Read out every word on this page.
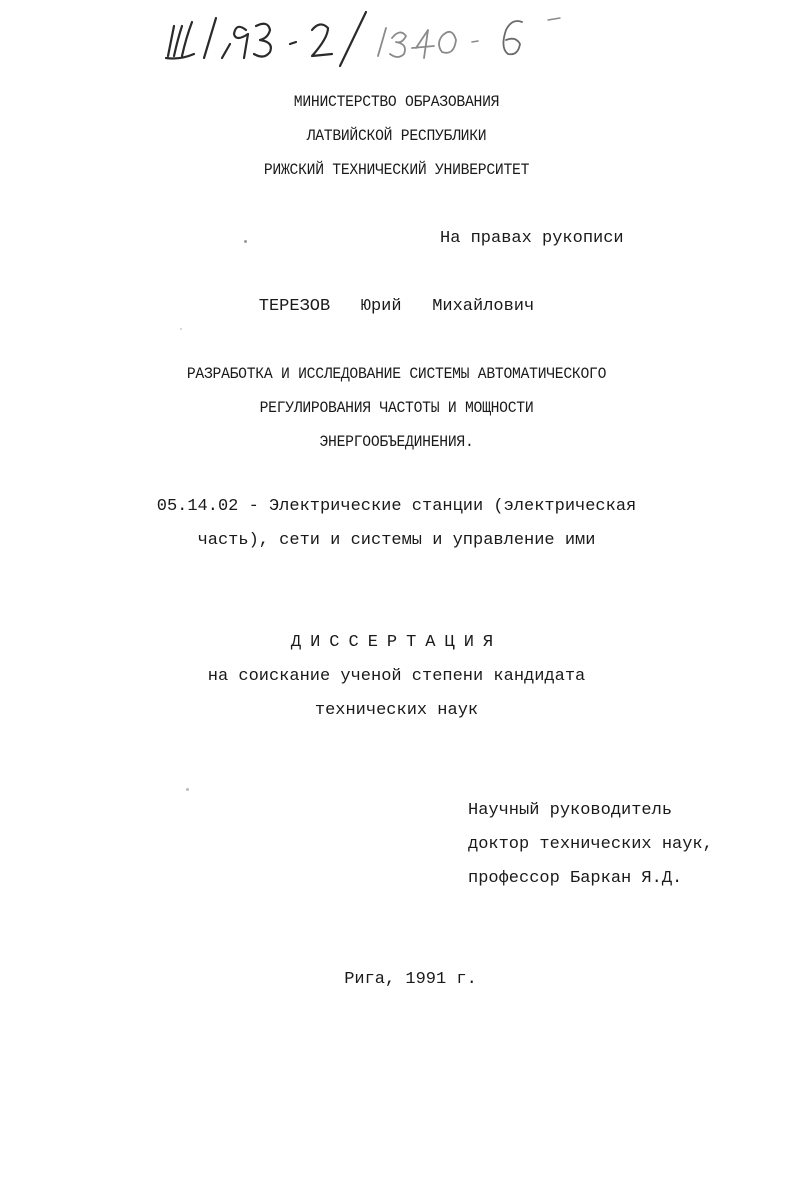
МИНИСТЕРСТВО ОБРАЗОВАНИЯ
ЛАТВИЙСКОЙ РЕСПУБЛИКИ
РИЖСКИЙ ТЕХНИЧЕСКИЙ УНИВЕРСИТЕТ
На правах рукописи
ТЕРЕЗОВ   Юрий   Михайлович
РАЗРАБОТКА И ИССЛЕДОВАНИЕ СИСТЕМЫ АВТОМАТИЧЕСКОГО
РЕГУЛИРОВАНИЯ ЧАСТОТЫ И МОЩНОСТИ
ЭНЕРГООБЪЕДИНЕНИЯ.
05.14.02 - Электрические станции (электрическая
часть), сети и системы и управление ими
ДИССЕРТАЦИЯ
на соискание ученой степени кандидата
технических наук
Научный руководитель
доктор технических наук,
профессор Баркан Я.Д.
Рига, 1991 г.
